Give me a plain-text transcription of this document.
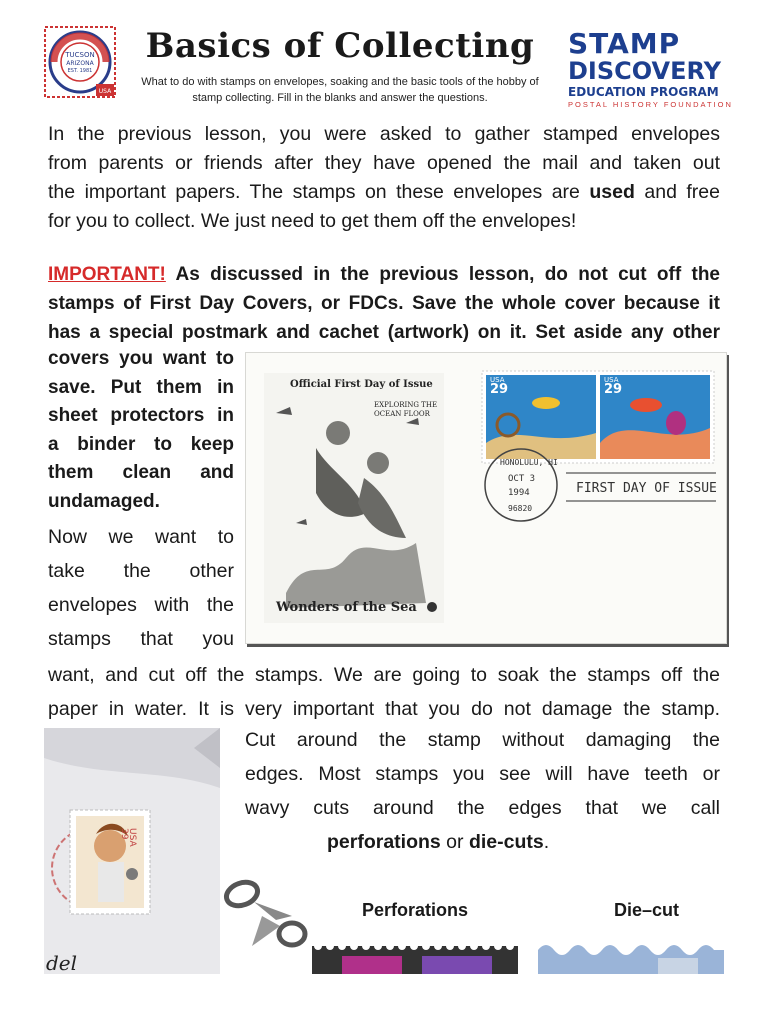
TUCSON
ARIZONA
EST. 1981
USA
Basics of Collecting
What to do with stamps on envelopes, soaking and the basic tools of the hobby of
stamp collecting. Fill in the blanks and answer the questions.
STAMP
DISCOVERY
EDUCATION PROGRAM
POSTAL HISTORY FOUNDATION
In the previous lesson, you were asked to gather stamped envelopes
from parents or friends after they have opened the mail and taken out
the important papers. The stamps on these envelopes are used and free
for you to collect. We just need to get them off the envelopes!
IMPORTANT! As discussed in the previous lesson, do not cut off the
stamps of First Day Covers, or FDCs. Save the whole cover because it
has a special postmark and cachet (artwork) on it. Set aside any other
covers you want to
save. Put them in
sheet protectors in
a binder to keep
them clean and
undamaged.
Now we want to
take the other
envelopes with the
stamps that you
Official First Day of Issue
EXPLORING THE
OCEAN FLOOR
Wonders of the Sea
29	29
USA	USA
HONOLULU, HI
OCT 3
1994
96820
FIRST DAY OF ISSUE
want, and cut off the stamps. We are going to soak the stamps off the
paper in water. It is very important that you do not damage the stamp.
USA
39
del
Cut around the stamp without damaging the
edges. Most stamps you see will have teeth or
wavy cuts around the edges that we call
perforations or die-cuts.
Perforations	Die–cut
